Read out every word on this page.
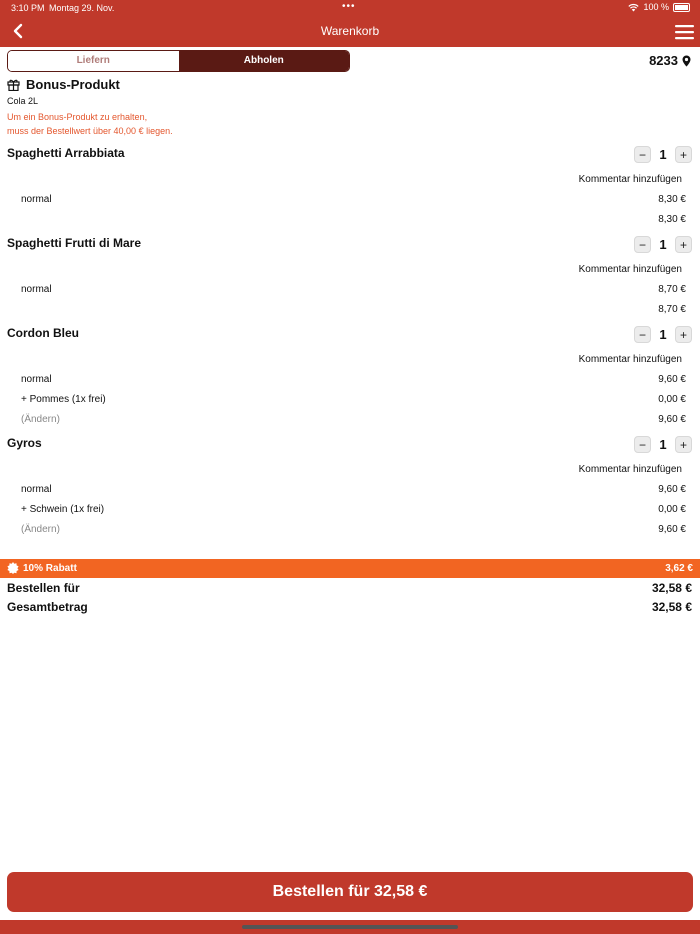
3:10 PM Montag 29. Nov.	•••	100 %
Warenkorb
Liefern	Abholen	8233
Bonus-Produkt
Cola 2L
Um ein Bonus-Produkt zu erhalten,
muss der Bestellwert über 40,00 € liegen.
Spaghetti Arrabbiata	−	1	+
Kommentar hinzufügen
normal	8,30 €
8,30 €
Spaghetti Frutti di Mare	−	1	+
Kommentar hinzufügen
normal	8,70 €
8,70 €
Cordon Bleu	−	1	+
Kommentar hinzufügen
normal	9,60 €
+ Pommes (1x frei)	0,00 €
(Ändern)	9,60 €
Gyros	−	1	+
Kommentar hinzufügen
normal	9,60 €
+ Schwein (1x frei)	0,00 €
(Ändern)	9,60 €
10% Rabatt	3,62 €
Bestellen für	32,58 €
Gesamtbetrag	32,58 €
Bestellen für 32,58 €
